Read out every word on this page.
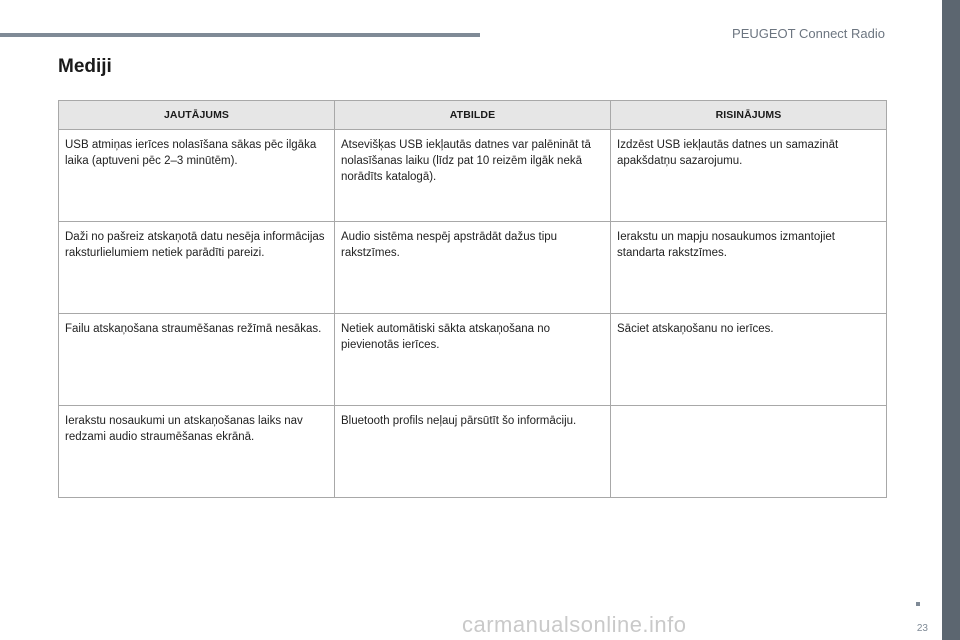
PEUGEOT Connect Radio
Mediji
JAUTĀJUMS	ATBILDE	RISINĀJUMS
USB atmiņas ierīces nolasīšana sākas pēc ilgāka laika (aptuveni pēc 2–3 minūtēm).	Atsevišķas USB iekļautās datnes var palēnināt tā nolasīšanas laiku (līdz pat 10 reizēm ilgāk nekā norādīts katalogā).	Izdzēst USB iekļautās datnes un samazināt apakšdatņu sazarojumu.
Daži no pašreiz atskaņotā datu nesēja informācijas raksturlielumiem netiek parādīti pareizi.	Audio sistēma nespēj apstrādāt dažus tipu rakstzīmes.	Ierakstu un mapju nosaukumos izmantojiet standarta rakstzīmes.
Failu atskaņošana straumēšanas režīmā nesākas.	Netiek automātiski sākta atskaņošana no pievienotās ierīces.	Sāciet atskaņošanu no ierīces.
Ierakstu nosaukumi un atskaņošanas laiks nav redzami audio straumēšanas ekrānā.	Bluetooth profils neļauj pārsūtīt šo informāciju.	
23
carmanualsonline.info
